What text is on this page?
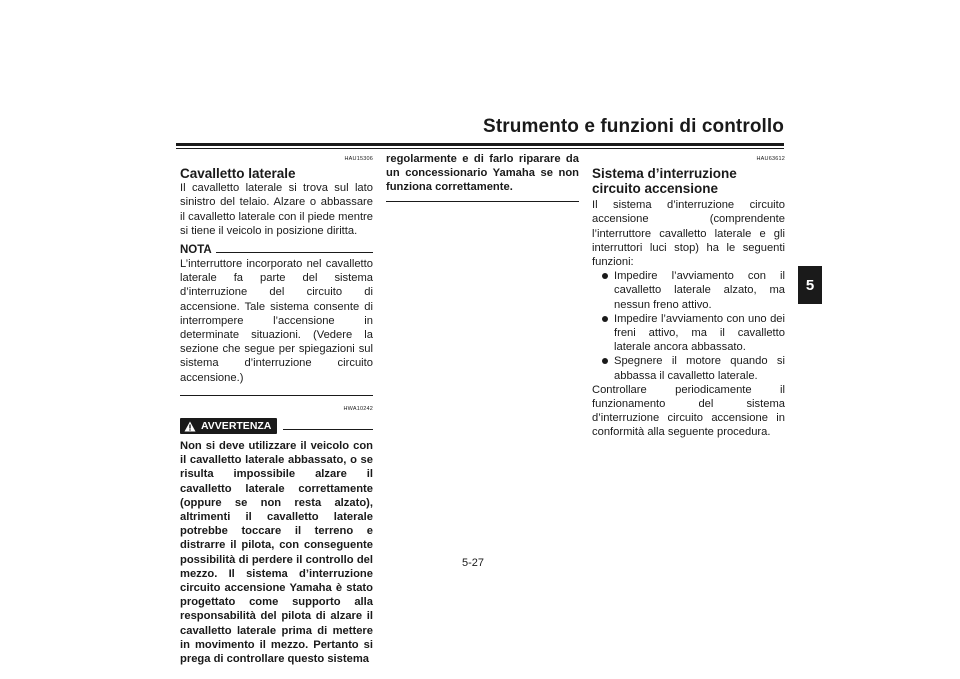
Strumento e funzioni di controllo
5
HAU15306
Cavalletto laterale

Il cavalletto laterale si trova sul lato sinistro del telaio. Alzare o abbassare il cavalletto laterale con il piede mentre si tiene il veicolo in posizione diritta.

NOTA

L’interruttore incorporato nel cavalletto laterale fa parte del sistema d’interruzione del circuito di accensione. Tale sistema consente di interrompere l’accensione in determinate situazioni. (Vedere la sezione che segue per spiegazioni sul sistema d’interruzione circuito accensione.)

HWA10242
AVVERTENZA

Non si deve utilizzare il veicolo con il cavalletto laterale abbassato, o se risulta impossibile alzare il cavalletto laterale correttamente (oppure se non resta alzato), altrimenti il cavalletto laterale potrebbe toccare il terreno e distrarre il pilota, con conseguente possibilità di perdere il controllo del mezzo. Il sistema d’interruzione circuito accensione Yamaha è stato progettato come supporto alla responsabilità del pilota di alzare il cavalletto laterale prima di mettere in movimento il mezzo. Pertanto si prega di controllare questo sistema

regolarmente e di farlo riparare da un concessionario Yamaha se non funziona correttamente.

HAU63612
Sistema d’interruzione circuito accensione

Il sistema d’interruzione circuito accensione (comprendente l’interruttore cavalletto laterale e gli interruttori luci stop) ha le seguenti funzioni:

Impedire l’avviamento con il cavalletto laterale alzato, ma nessun freno attivo.
Impedire l’avviamento con uno dei freni attivo, ma il cavalletto laterale ancora abbassato.
Spegnere il motore quando si abbassa il cavalletto laterale.

Controllare periodicamente il funzionamento del sistema d’interruzione circuito accensione in conformità alla seguente procedura.

5-27
